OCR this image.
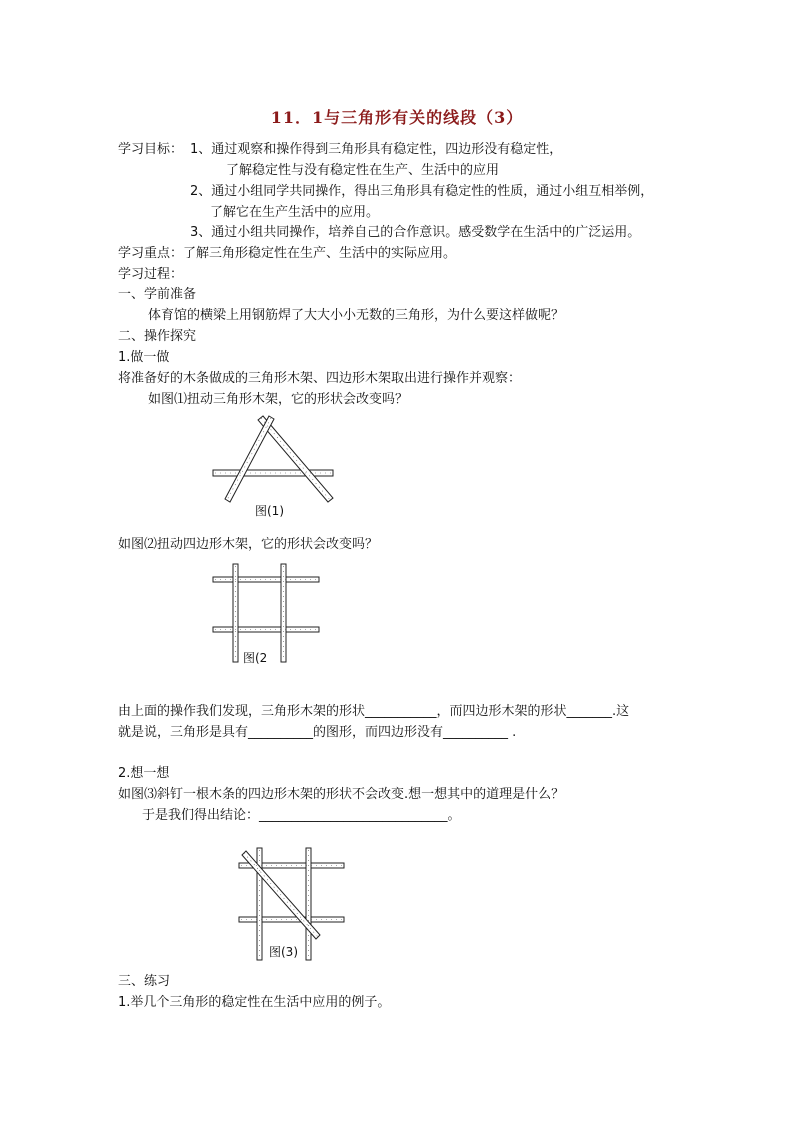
11．1与三角形有关的线段（3）
学习目标： 1、通过观察和操作得到三角形具有稳定性，四边形没有稳定性，
了解稳定性与没有稳定性在生产、生活中的应用
2、通过小组同学共同操作，得出三角形具有稳定性的性质，通过小组互相举例，
了解它在生产生活中的应用。
3、通过小组共同操作，培养自己的合作意识。感受数学在生活中的广泛运用。
学习重点：了解三角形稳定性在生产、生活中的实际应用。
学习过程：
一、学前准备
体育馆的横梁上用钢筋焊了大大小小无数的三角形，为什么要这样做呢？
二、操作探究
1.做一做
将准备好的木条做成的三角形木架、四边形木架取出进行操作并观察：
如图⑴扭动三角形木架，它的形状会改变吗？
图(1)
如图⑵扭动四边形木架，它的形状会改变吗？
图(2
由上面的操作我们发现，三角形木架的形状___________，而四边形木架的形状_______.这
就是说，三角形是具有__________的图形，而四边形没有__________ .
2.想一想
如图⑶斜钉一根木条的四边形木架的形状不会改变.想一想其中的道理是什么？
于是我们得出结论：_____________________________。
图(3)
三、练习
1.举几个三角形的稳定性在生活中应用的例子。
